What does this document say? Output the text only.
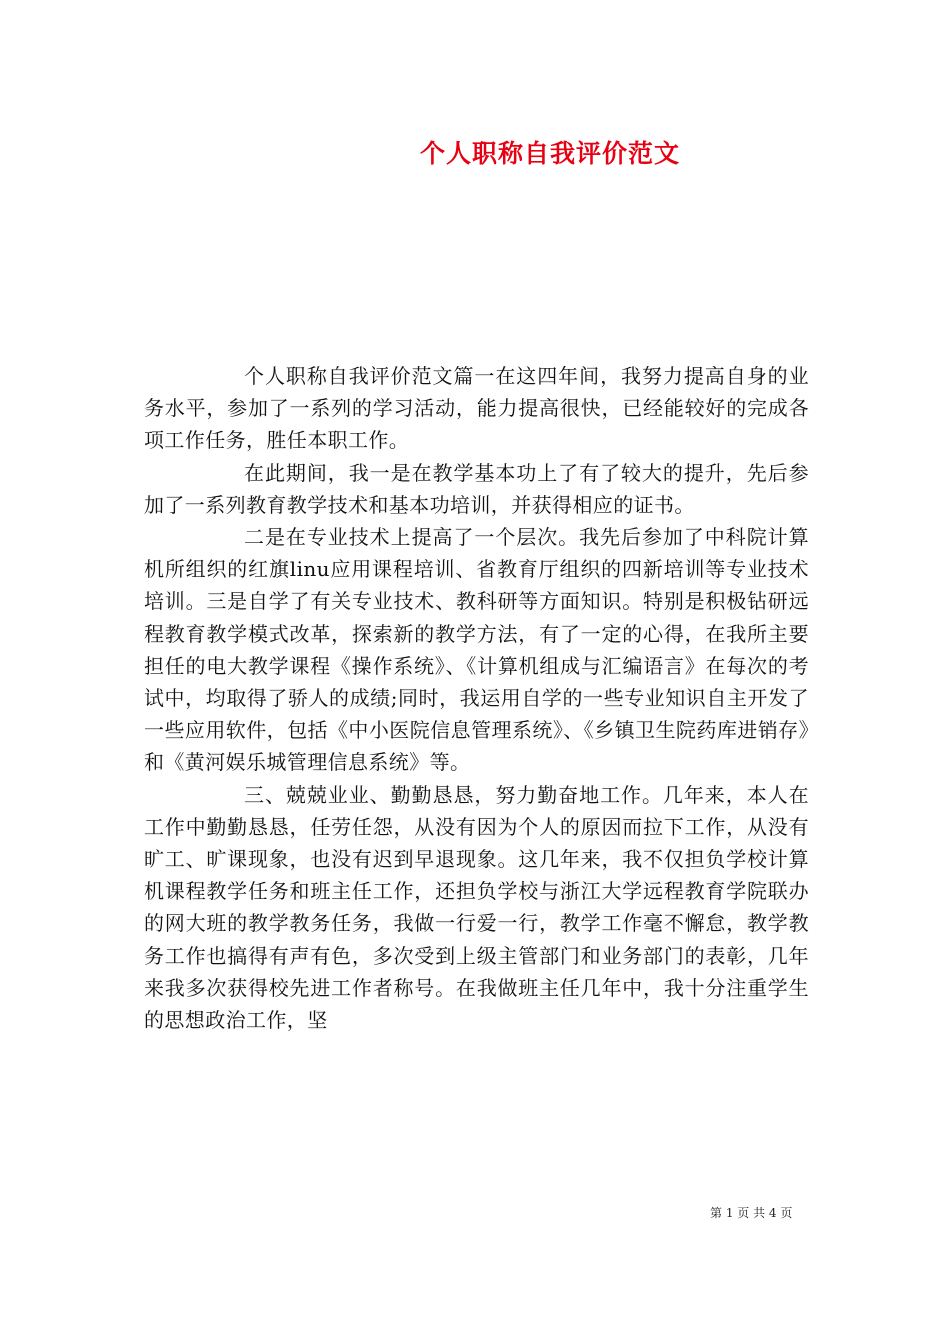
个人职称自我评价范文

个人职称自我评价范文篇一在这四年间，我努力提高自身的业务水平，参加了一系列的学习活动，能力提高很快，已经能较好的完成各项工作任务，胜任本职工作。

在此期间，我一是在教学基本功上了有了较大的提升，先后参加了一系列教育教学技术和基本功培训，并获得相应的证书。

二是在专业技术上提高了一个层次。我先后参加了中科院计算机所组织的红旗linu应用课程培训、省教育厅组织的四新培训等专业技术培训。三是自学了有关专业技术、教科研等方面知识。特别是积极钻研远程教育教学模式改革，探索新的教学方法，有了一定的心得，在我所主要担任的电大教学课程《操作系统》、《计算机组成与汇编语言》在每次的考试中，均取得了骄人的成绩;同时，我运用自学的一些专业知识自主开发了一些应用软件，包括《中小医院信息管理系统》、《乡镇卫生院药库进销存》和《黄河娱乐城管理信息系统》等。

三、兢兢业业、勤勤恳恳，努力勤奋地工作。几年来，本人在工作中勤勤恳恳，任劳任怨，从没有因为个人的原因而拉下工作，从没有旷工、旷课现象，也没有迟到早退现象。这几年来，我不仅担负学校计算机课程教学任务和班主任工作，还担负学校与浙江大学远程教育学院联办的网大班的教学教务任务，我做一行爱一行，教学工作毫不懈怠，教学教务工作也搞得有声有色，多次受到上级主管部门和业务部门的表彰，几年来我多次获得校先进工作者称号。在我做班主任几年中，我十分注重学生的思想政治工作，坚

第 1 页 共 4 页
